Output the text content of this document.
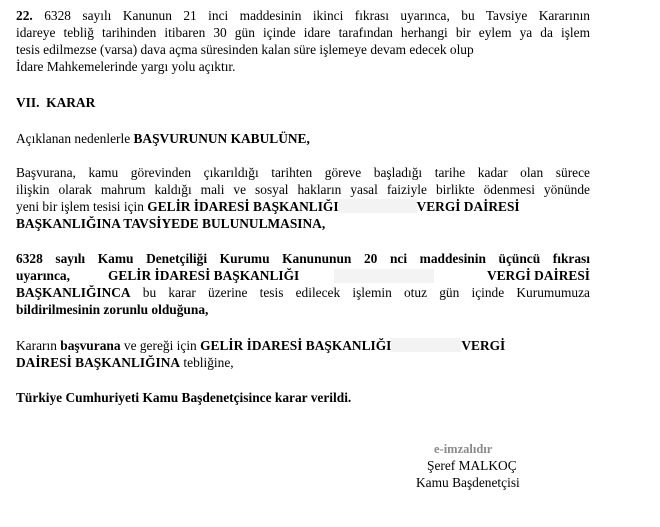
22. 6328 sayılı Kanunun 21 inci maddesinin ikinci fıkrası uyarınca, bu Tavsiye Kararının
idareye tebliğ tarihinden itibaren 30 gün içinde idare tarafından herhangi bir eylem ya da işlem
tesis edilmezse (varsa) dava açma süresinden kalan süre işlemeye devam edecek olup
İdare Mahkemelerinde yargı yolu açıktır.
VII. KARAR
Açıklanan nedenlerle BAŞVURUNUN KABULÜNE,
Başvurana, kamu görevinden çıkarıldığı tarihten göreve başladığı tarihe kadar olan sürece
ilişkin olarak mahrum kaldığı mali ve sosyal hakların yasal faiziyle birlikte ödenmesi yönünde
yeni bir işlem tesisi için GELİR İDARESİ BAŞKANLIĞI	VERGİ DAİRESİ
BAŞKANLIĞINA TAVSİYEDE BULUNULMASINA,
6328 sayılı Kamu Denetçiliği Kurumu Kanununun 20 nci maddesinin üçüncü fıkrası
uyarınca,	GELİR İDARESİ BAŞKANLIĞI	VERGİ DAİRESİ
BAŞKANLIĞINCA bu karar üzerine tesis edilecek işlemin otuz gün içinde Kurumumuza
bildirilmesinin zorunlu olduğuna,
Kararın başvurana ve gereği için GELİR İDARESİ BAŞKANLIĞI	VERGİ
DAİRESİ BAŞKANLIĞINA tebliğine,
Türkiye Cumhuriyeti Kamu Başdenetçisince karar verildi.
e-imzalıdır
Şeref MALKOÇ
Kamu Başdenetçisi
